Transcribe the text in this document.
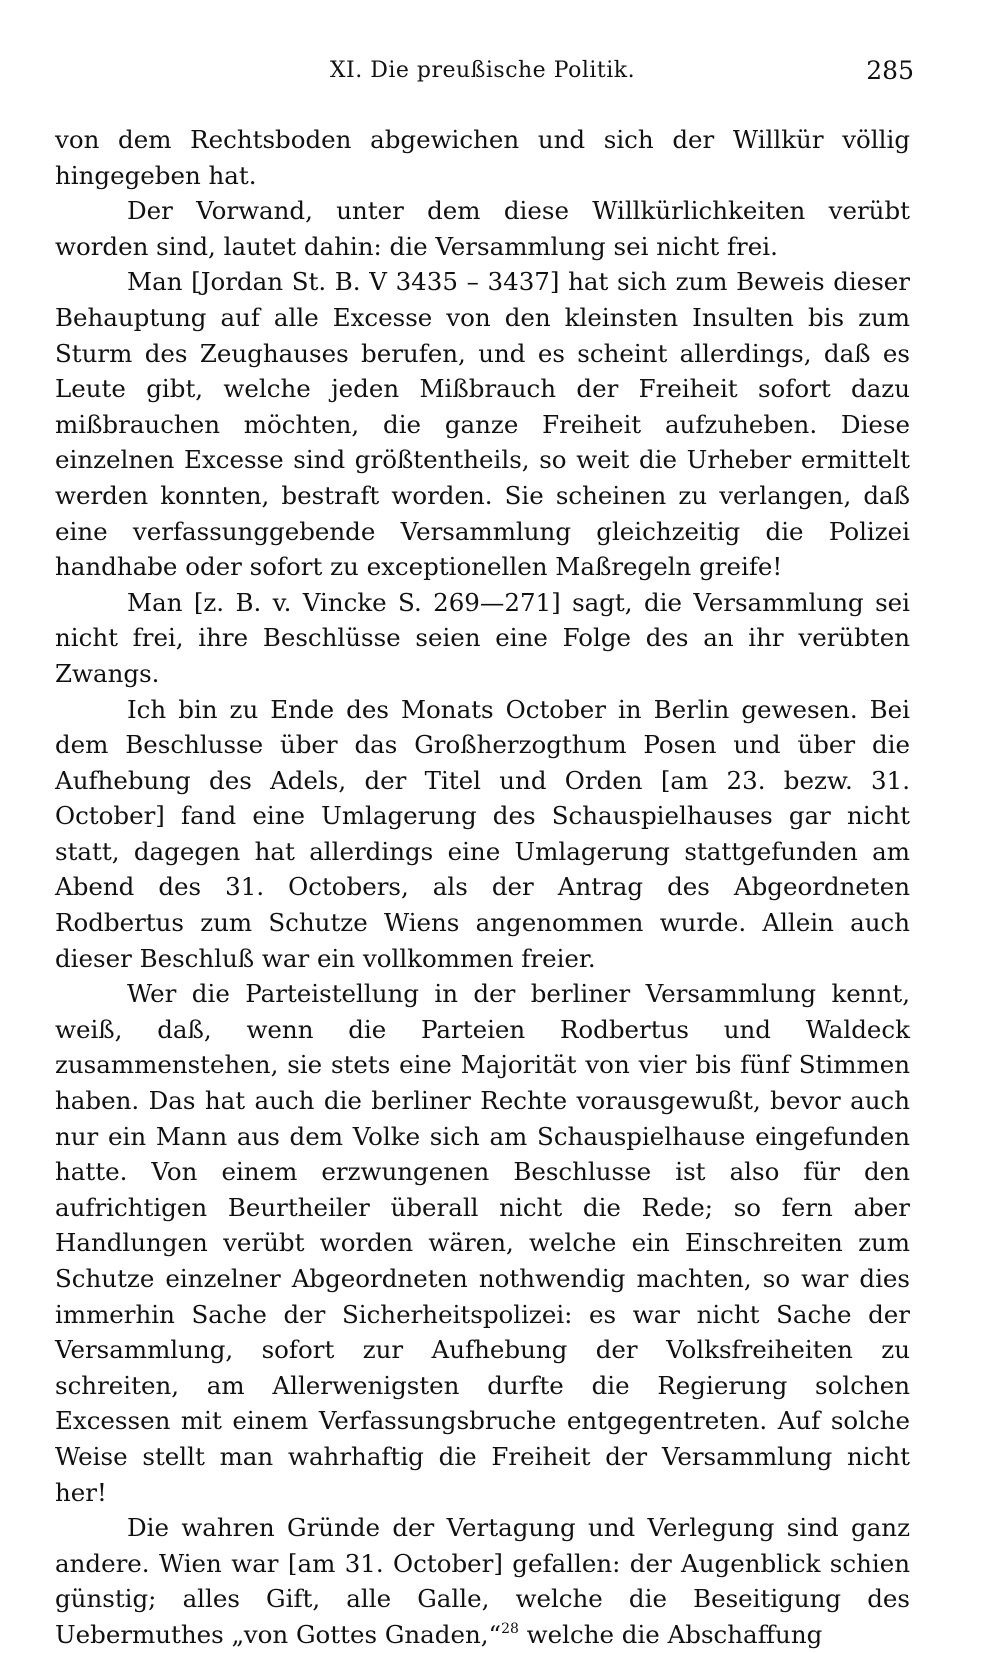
XI. Die preußische Politik.	285

von dem Rechtsboden abgewichen und sich der Willkür völlig hingegeben hat.

Der Vorwand, unter dem diese Willkürlichkeiten verübt worden sind, lautet dahin: die Versammlung sei nicht frei.

Man [Jordan St. B. V 3435 – 3437] hat sich zum Beweis dieser Behauptung auf alle Excesse von den kleinsten Insulten bis zum Sturm des Zeughauses berufen, und es scheint allerdings, daß es Leute gibt, welche jeden Mißbrauch der Freiheit sofort dazu mißbrauchen möchten, die ganze Freiheit aufzuheben. Diese einzelnen Excesse sind größtentheils, so weit die Urheber ermittelt werden konnten, bestraft worden. Sie scheinen zu verlangen, daß eine verfassunggebende Versammlung gleichzeitig die Polizei handhabe oder sofort zu exceptionellen Maßregeln greife!

Man [z. B. v. Vincke S. 269—271] sagt, die Versammlung sei nicht frei, ihre Beschlüsse seien eine Folge des an ihr verübten Zwangs.

Ich bin zu Ende des Monats October in Berlin gewesen. Bei dem Beschlusse über das Großherzogthum Posen und über die Aufhebung des Adels, der Titel und Orden [am 23. bezw. 31. October] fand eine Umlagerung des Schauspielhauses gar nicht statt, dagegen hat allerdings eine Umlagerung stattgefunden am Abend des 31. Octobers, als der Antrag des Abgeordneten Rodbertus zum Schutze Wiens angenommen wurde. Allein auch dieser Beschluß war ein vollkommen freier.

Wer die Parteistellung in der berliner Versammlung kennt, weiß, daß, wenn die Parteien Rodbertus und Waldeck zusammenstehen, sie stets eine Majorität von vier bis fünf Stimmen haben. Das hat auch die berliner Rechte vorausgewußt, bevor auch nur ein Mann aus dem Volke sich am Schauspielhause eingefunden hatte. Von einem erzwungenen Beschlusse ist also für den aufrichtigen Beurtheiler überall nicht die Rede; so fern aber Handlungen verübt worden wären, welche ein Einschreiten zum Schutze einzelner Abgeordneten nothwendig machten, so war dies immerhin Sache der Sicherheitspolizei: es war nicht Sache der Versammlung, sofort zur Aufhebung der Volksfreiheiten zu schreiten, am Allerwenigsten durfte die Regierung solchen Excessen mit einem Verfassungsbruche entgegentreten. Auf solche Weise stellt man wahrhaftig die Freiheit der Versammlung nicht her!

Die wahren Gründe der Vertagung und Verlegung sind ganz andere. Wien war [am 31. October] gefallen: der Augenblick schien günstig; alles Gift, alle Galle, welche die Beseitigung des Uebermuthes „von Gottes Gnaden,“$^{28}$ welche die Abschaffung
